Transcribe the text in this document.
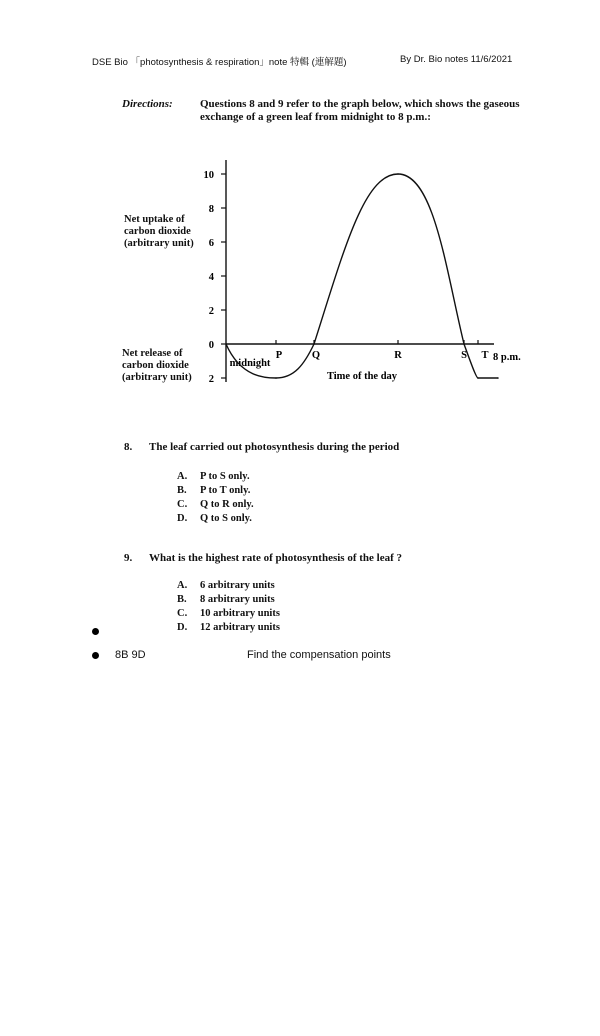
DSE Bio 「photosynthesis & respiration」note 特輯 (連解題)	By Dr. Bio notes 11/6/2021
Directions: Questions 8 and 9 refer to the graph below, which shows the gaseous exchange of a green leaf from midnight to 8 p.m.:
Net uptake of
carbon dioxide
(arbitrary unit)
Net release of
carbon dioxide
(arbitrary unit)
10
8
6
4
2
0
2
midnight
P	Q	R	S T 8 p.m.
Time of the day
8. The leaf carried out photosynthesis during the period
A. P to S only.
B. P to T only.
C. Q to R only.
D. Q to S only.
9. What is the highest rate of photosynthesis of the leaf ?
A. 6 arbitrary units
B. 8 arbitrary units
C. 10 arbitrary units
D. 12 arbitrary units
8B 9D	Find the compensation points
